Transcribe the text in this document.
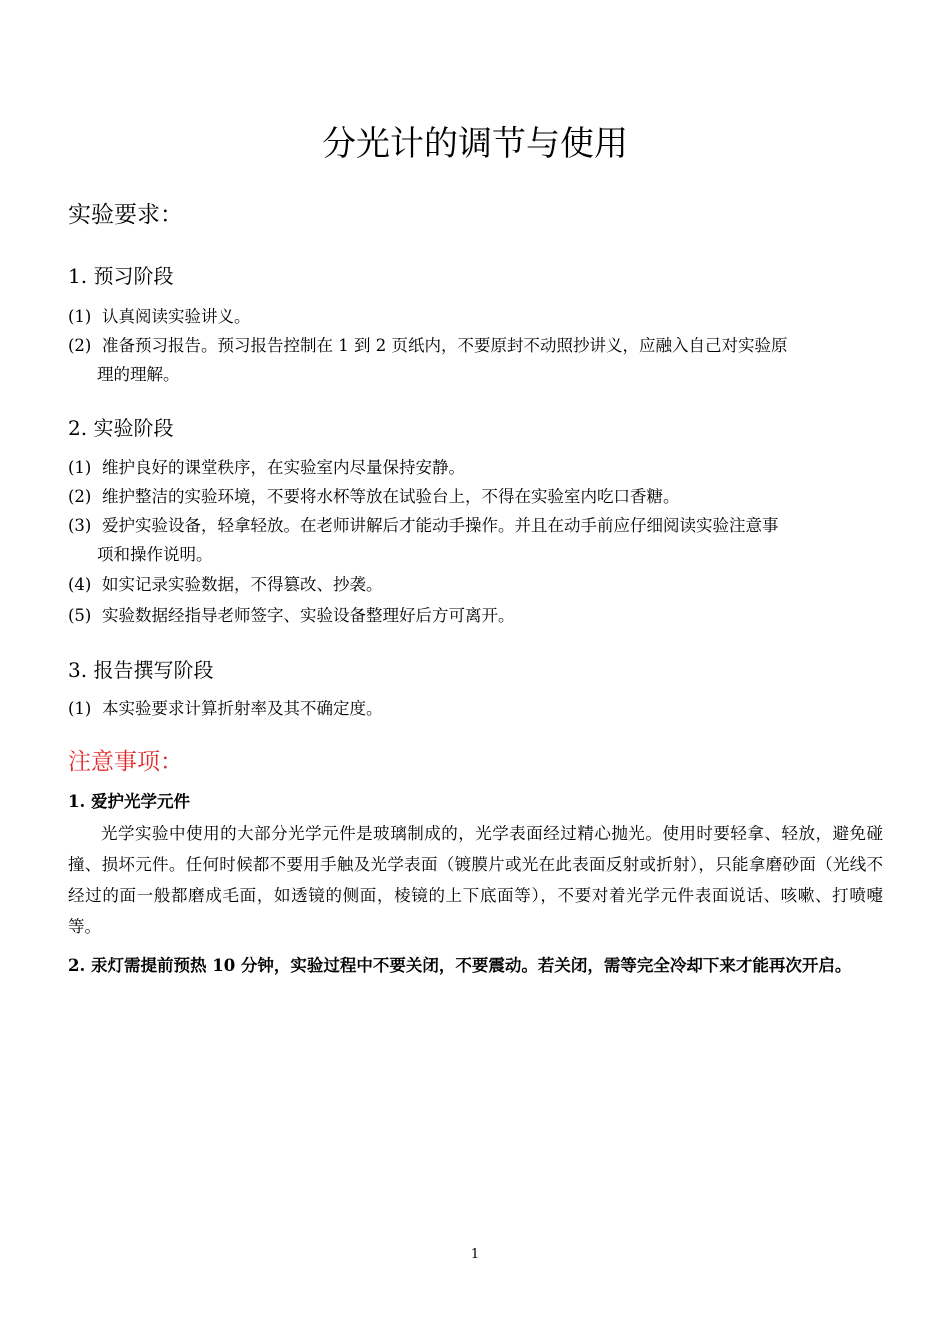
分光计的调节与使用
实验要求：
1. 预习阶段
(1) 认真阅读实验讲义。
(2) 准备预习报告。预习报告控制在 1 到 2 页纸内，不要原封不动照抄讲义，应融入自己对实验原
理的理解。
2. 实验阶段
(1) 维护良好的课堂秩序，在实验室内尽量保持安静。
(2) 维护整洁的实验环境，不要将水杯等放在试验台上，不得在实验室内吃口香糖。
(3) 爱护实验设备，轻拿轻放。在老师讲解后才能动手操作。并且在动手前应仔细阅读实验注意事
项和操作说明。
(4) 如实记录实验数据，不得篡改、抄袭。
(5) 实验数据经指导老师签字、实验设备整理好后方可离开。
3. 报告撰写阶段
(1) 本实验要求计算折射率及其不确定度。
注意事项：
1. 爱护光学元件
光学实验中使用的大部分光学元件是玻璃制成的，光学表面经过精心抛光。使用时要轻拿、轻放，避免碰撞、损坏元件。任何时候都不要用手触及光学表面（镀膜片或光在此表面反射或折射），只能拿磨砂面（光线不经过的面一般都磨成毛面，如透镜的侧面，棱镜的上下底面等），不要对着光学元件表面说话、咳嗽、打喷嚏等。
2. 汞灯需提前预热 10 分钟，实验过程中不要关闭，不要震动。若关闭，需等完全冷却下来才能再次开启。
1
